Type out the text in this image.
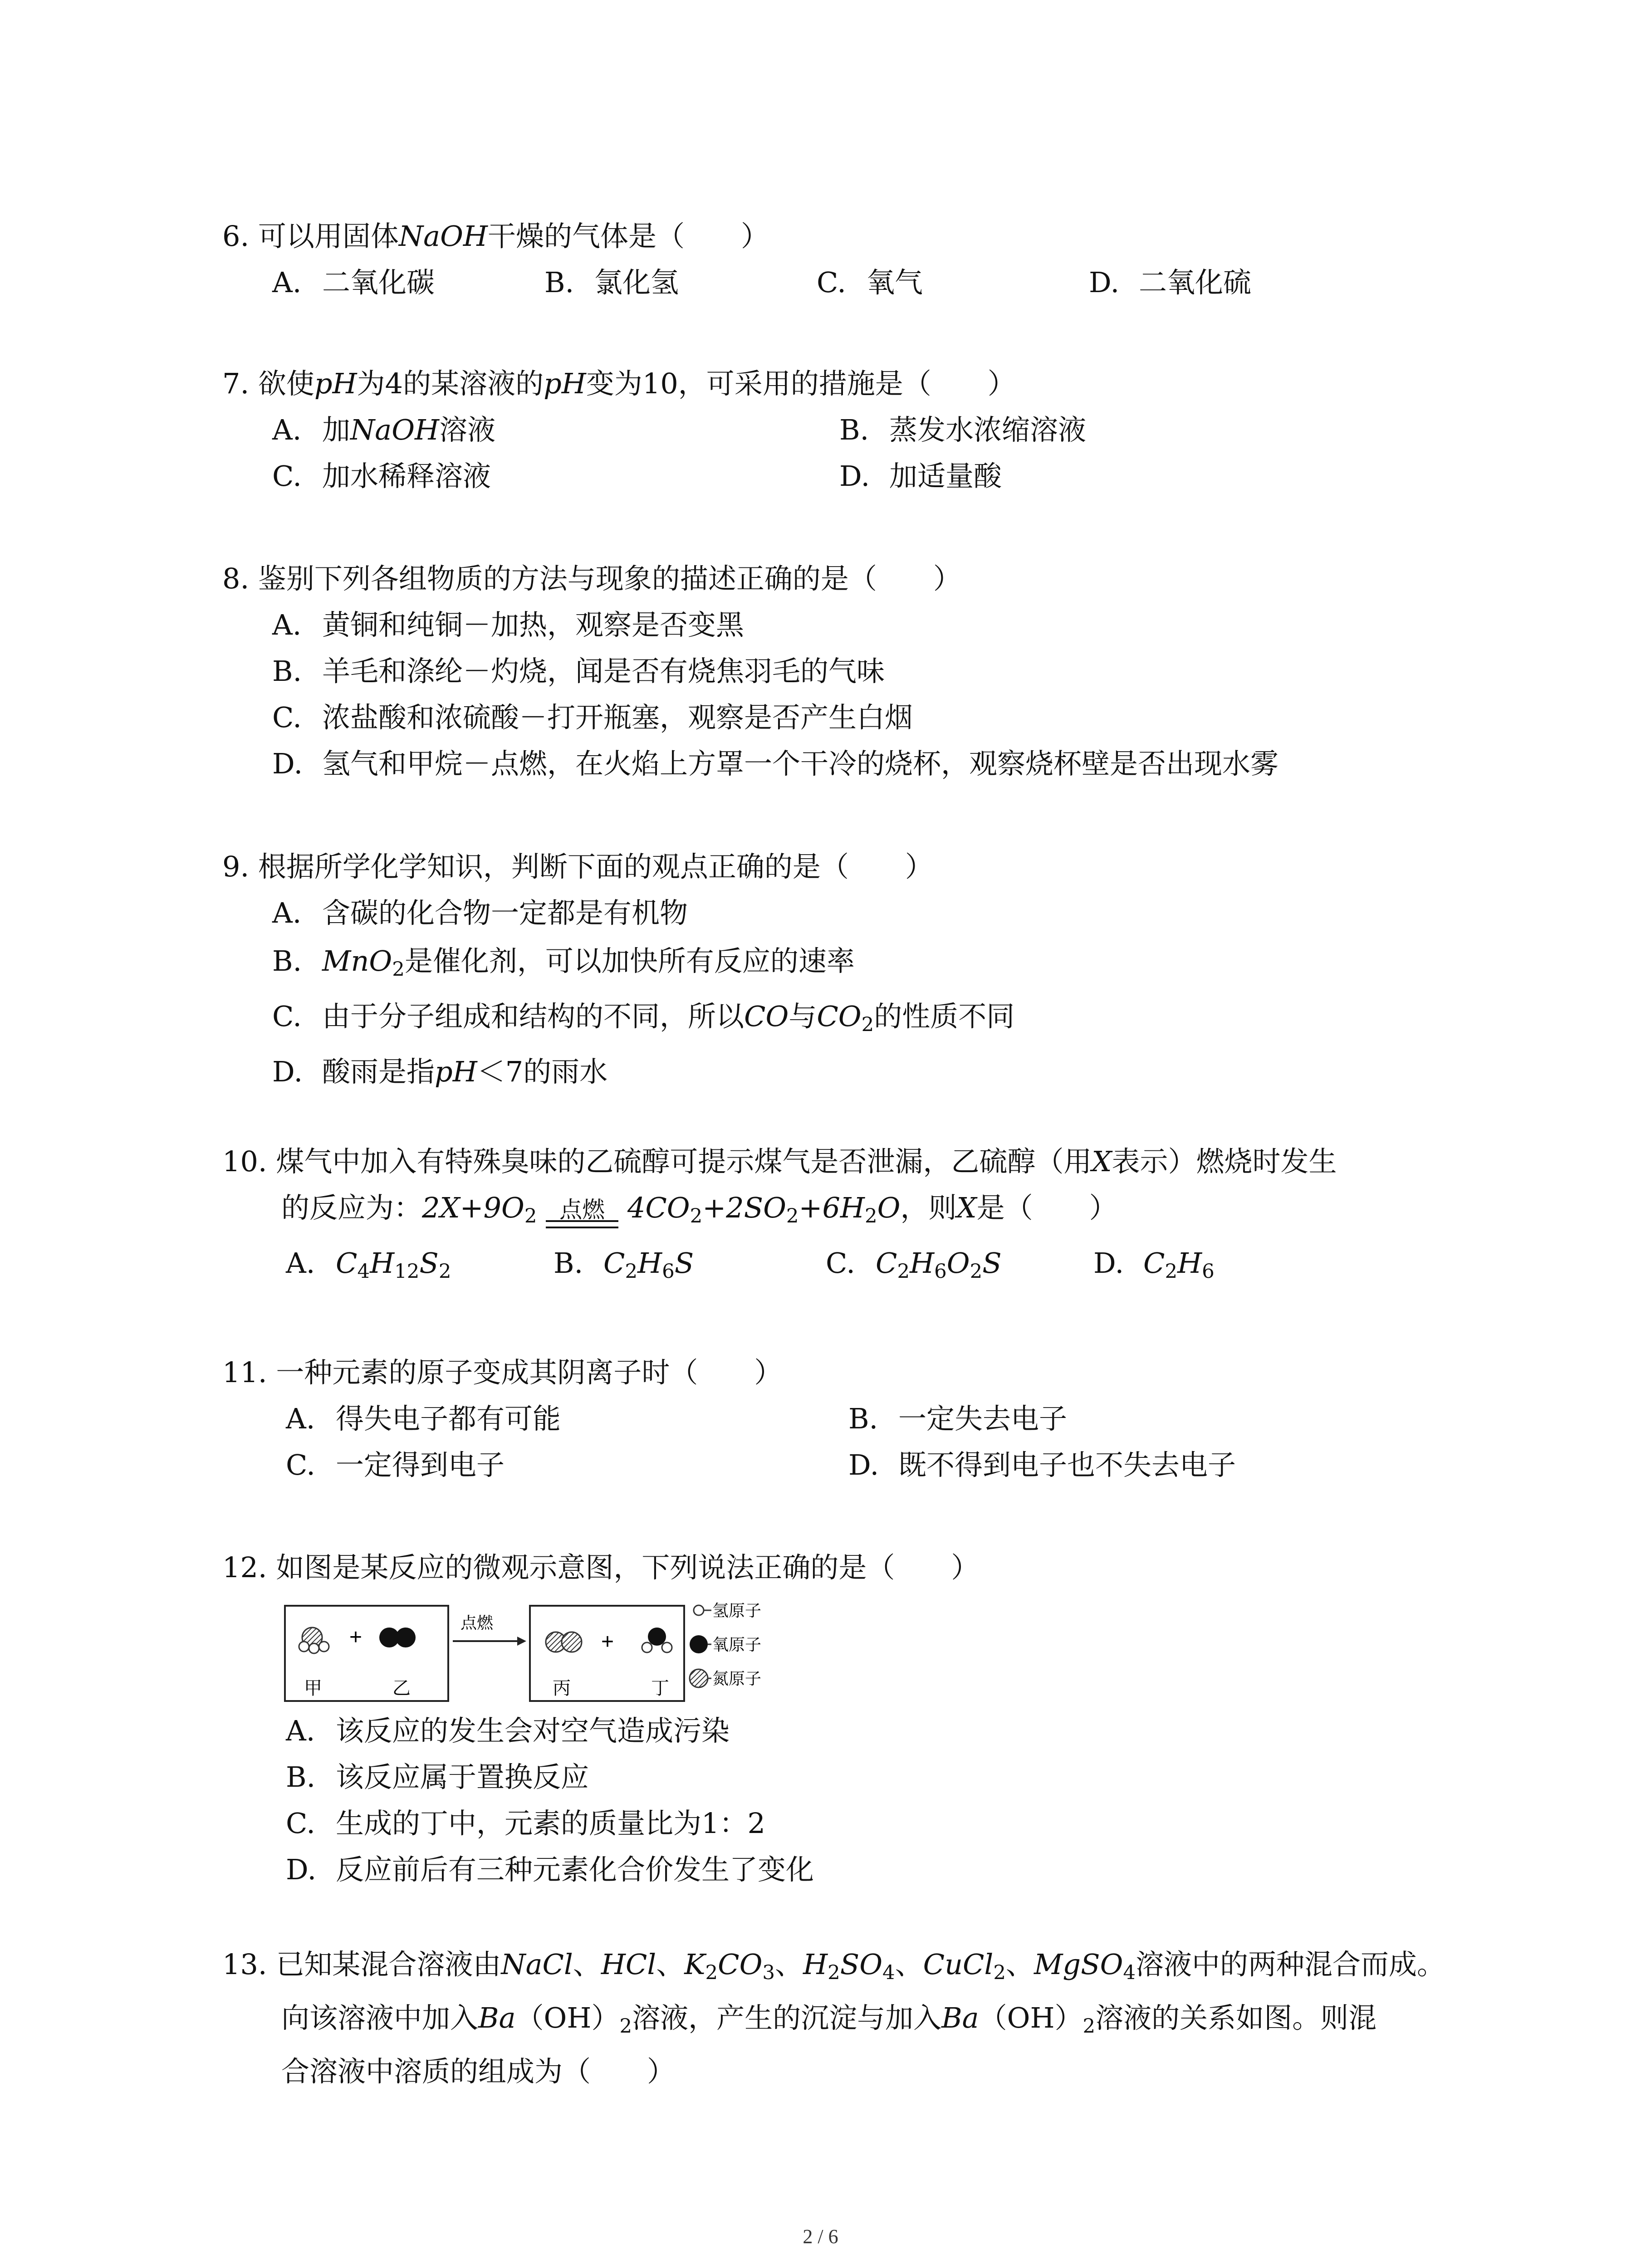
6. 可以用固体NaOH干燥的气体是（　　）
A. 二氧化碳	B. 氯化氢	C. 氧气	D. 二氧化硫
7. 欲使pH为4的某溶液的pH变为10，可采用的措施是（　　）
A. 加NaOH溶液	B. 蒸发水浓缩溶液
C. 加水稀释溶液	D. 加适量酸
8. 鉴别下列各组物质的方法与现象的描述正确的是（　　）
A. 黄铜和纯铜－加热，观察是否变黑
B. 羊毛和涤纶－灼烧，闻是否有烧焦羽毛的气味
C. 浓盐酸和浓硫酸－打开瓶塞，观察是否产生白烟
D. 氢气和甲烷－点燃，在火焰上方罩一个干冷的烧杯，观察烧杯壁是否出现水雾
9. 根据所学化学知识，判断下面的观点正确的是（　　）
A. 含碳的化合物一定都是有机物
B. MnO$_2$是催化剂，可以加快所有反应的速率
C. 由于分子组成和结构的不同，所以CO与$CO_2$的性质不同
D. 酸雨是指pH＜7的雨水
10. 煤气中加入有特殊臭味的乙硫醇可提示煤气是否泄漏，乙硫醇（用X表示）燃烧时发生
的反应为：$2X+9O_2$ 点燃 $4CO_2+2SO_2+6H_2O$，则X是（　　）
A. $C_4H_{12}S_2$	B. $C_2H_6S$	C. $C_2H_6O_2S$	D. $C_2H_6$
11. 一种元素的原子变成其阴离子时（　　）
A. 得失电子都有可能	B. 一定失去电子
C. 一定得到电子	D. 既不得到电子也不失去电子
12. 如图是某反应的微观示意图，下列说法正确的是（　　）
+
甲	乙
点燃
+
丙	丁
氢原子
氧原子
氮原子
A. 该反应的发生会对空气造成污染
B. 该反应属于置换反应
C. 生成的丁中，元素的质量比为1：2
D. 反应前后有三种元素化合价发生了变化
13. 已知某混合溶液由NaCl、HCl、$K_2CO_3$、$H_2SO_4$、CuCl$_2$、MgSO$_4$溶液中的两种混合而成。
向该溶液中加入$Ba(OH)_2$溶液，产生的沉淀与加入$Ba(OH)_2$溶液的关系如图。则混
合溶液中溶质的组成为（　　）
2 / 6
